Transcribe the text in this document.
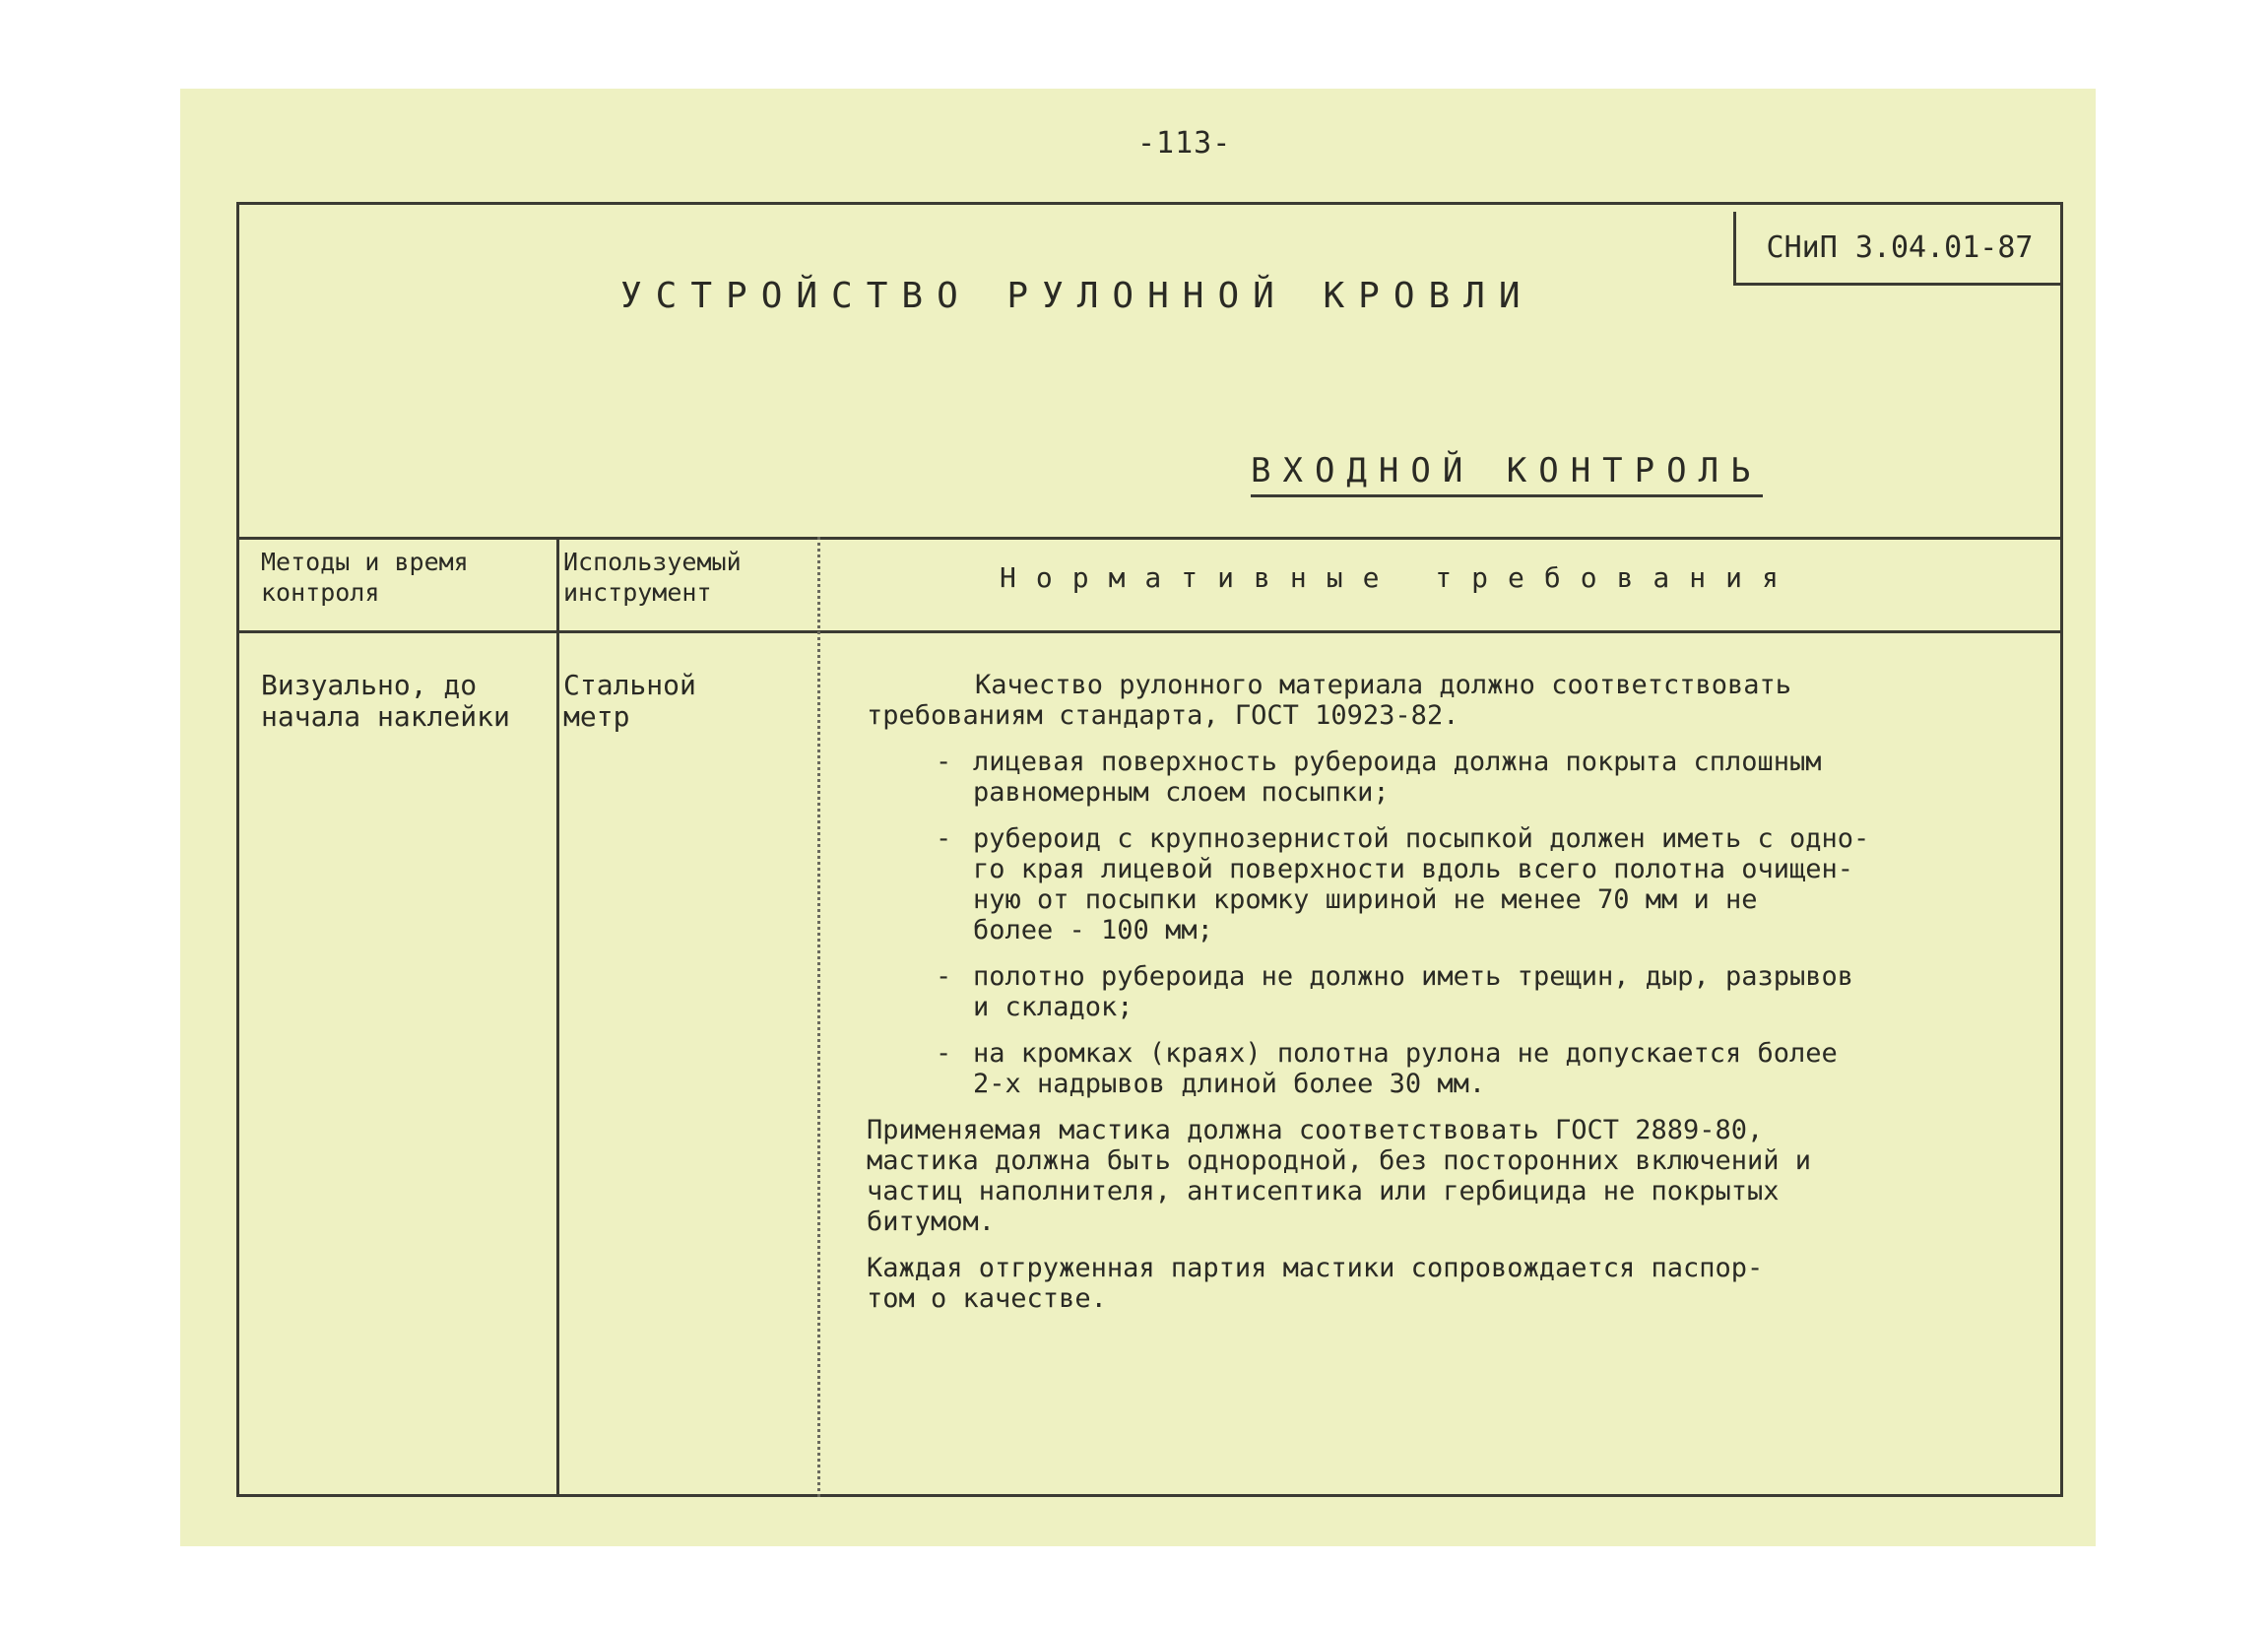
-113-
СНиП 3.04.01-87
УСТРОЙСТВО РУЛОННОЙ КРОВЛИ
ВХОДНОЙ КОНТРОЛЬ
Методы и время
контроля
Используемый
инструмент	Нормативные требования
Визуально, до
начала наклейки
Стальной
метр
Качество рулонного материала должно соответствовать
требованиям стандарта, ГОСТ 10923-82.
- лицевая поверхность рубероида должна покрыта сплошным
равномерным слоем посыпки;
- рубероид с крупнозернистой посыпкой должен иметь с одно-
го края лицевой поверхности вдоль всего полотна очищен-
ную от посыпки кромку шириной не менее 70 мм и не
более - 100 мм;
- полотно рубероида не должно иметь трещин, дыр, разрывов
и складок;
- на кромках (краях) полотна рулона не допускается более
2-х надрывов длиной более 30 мм.
Применяемая мастика должна соответствовать ГОСТ 2889-80,
мастика должна быть однородной, без посторонних включений и
частиц наполнителя, антисептика или гербицида не покрытых
битумом.
Каждая отгруженная партия мастики сопровождается паспор-
том о качестве.
